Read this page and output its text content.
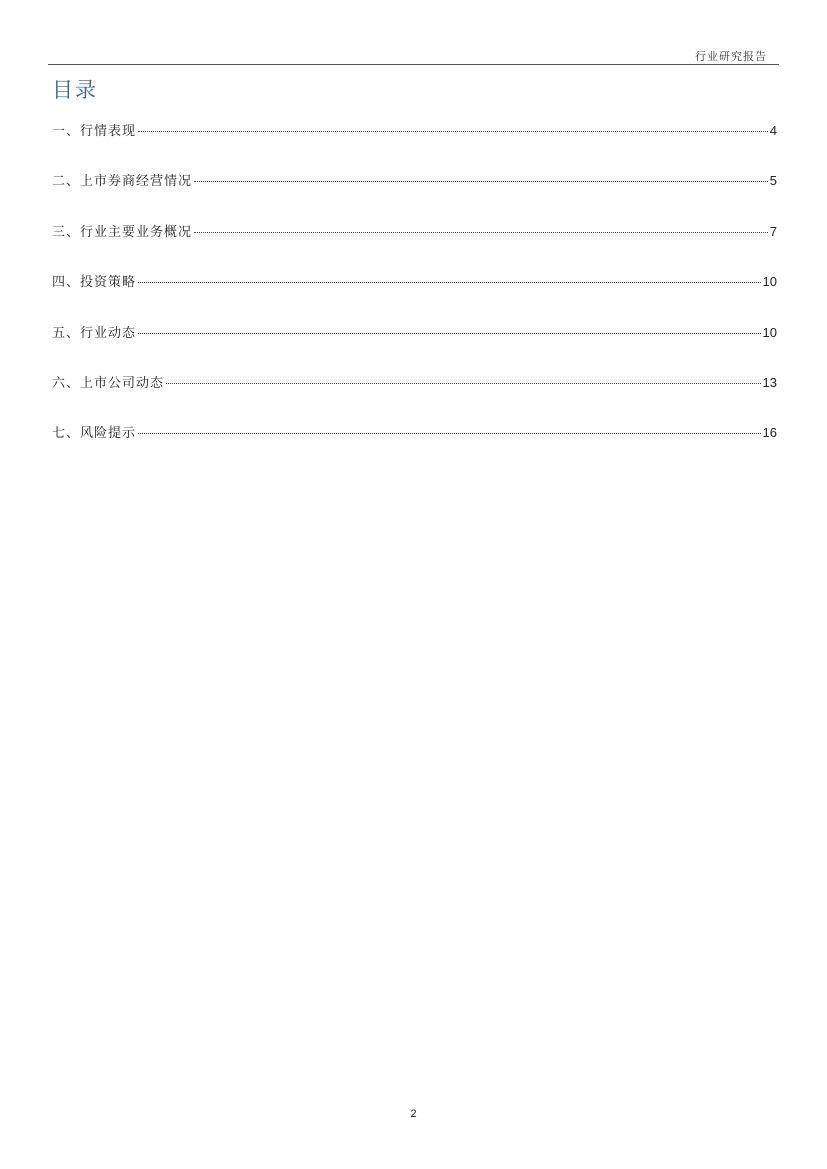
行业研究报告
目录
一、 行情表现	4
二、 上市券商经营情况	5
三、 行业主要业务概况	7
四、 投资策略	10
五、 行业动态	10
六、 上市公司动态	13
七、 风险提示	16
2
